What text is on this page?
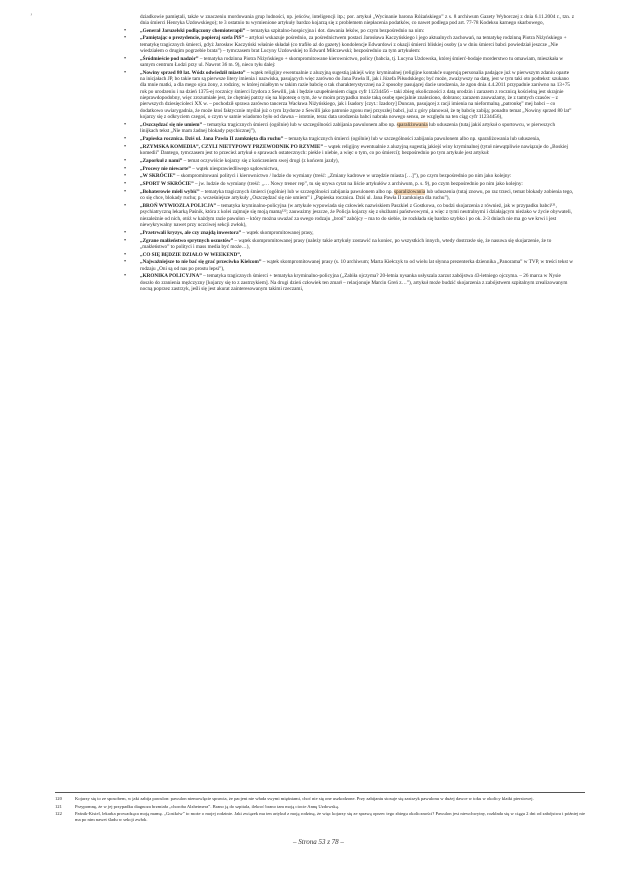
’	dziadkowie pamiętali, także w znaczeniu mordowania grup ludności, np. jeńców, inteligencji itp.; por. artykuł „Wycinanie barona Różańskiego” z s. 8 archiwum Gazety Wyborczej z dnia 6.11.2004 r., tzn. z dnia śmierci Henryka Uzdowskiego); te 3 ostatnio tu wymienione artykuły bardzo kojarzą się z problemem niepłacenia podatków, co nawet podlega pod art. 77-78 Kodeksu karnego skarbowego,

•	„Generał Jaruzelski podłączony chemioterapii” – tematyka szpitalno-hospicyjna i dot. dawania leków, po czym bezpośrednio na nim:
•	„Pamiętając o prezydencie, popieraj szefa PiS” – artykuł wskazuje pośrednio, za pośrednictwem postaci Jarosława Kaczyńskiego i jego aktualnych zachowań, na tematykę rodzinną Piotra Niżyńskiego + tematykę tragicznych śmierci, gdyż Jarosław Kaczyński właśnie składał (co trafiło aż do gazety) kondolencje Edwardowi z okazji śmierci bliskiej osoby (a w dniu śmierci babci powiedział jeszcze „Nie wiedziałem o drugim pogrzebie brata”) – tymczasem brat Lucyny Uzdowskiej to Edward Miłczewski; bezpośrednio za tym artykułem:
•	„Śródmieście pod nadzór” – tematyka rodzinna Piotra Niżyńskiego + skompromitowane kierownictwo, policy (babcia, tj. Lucyna Uzdowska, której śmierć-bodaje morderstwo tu omawiam, mieszkała w samym centrum Łodzi przy ul. Nawrot 36 m. 9), nieco tyłu dalej:
•	„Nowiny sprzed 80 lat. Wódz odwiedził miasto” – wątek religijny ewentualnie z aluzyjną sugestią jakiejś winy kryminalnej (religijne kontakće sugerują personalia padające już w pierwszym zdaniu oparte na inicjałach JP, bo takie tam są pierwsze litery imienia i nazwiska, pasujących więc zarówno do Jana Pawła II, jak i Józefa Piłsudskiego; być może, zważywszy na datę, jest w tym taki oto podtekst: szukano dla mnie matki, a dla mego ojca żony, z rodziny, w której miałbym w takim razie babcię o tak charakterystycznej na 2 sposoby pasującej dacie urodzenia, że zgon dnia 4.4.2011 przypadnie zarówno na 13+75 rok po urodzeniu i na dzień 1375-ej rocznicy śmierci Izydora z Sewilli, jak i będzie uzupełnieniem ciągu cyfr 11234456 – taki zbieg okoliczności z datą urodzin i zarazem z rocznicą kościelną jest skrajnie nieprawdopodobny, więc zrozumiałe jest, że chętniej patrzy się na hipotezę o tym, że w moim przypadku może taką osobę specjalnie znaleziono, dobrano; zarazem zauważamy, że z tamtych czasów – z pierwszych dziesięcioleci XX w. – pochodził sprawa zarówno tancerza Wacława Niżyńskiego, jak i Isadory [czyt.: Izadory] Duncan, pasującej z racji imienia na nieformalną „patronkę” mej babci – co dodatkowo uwiarygadnia, że może ktoś faktycznie myślał już o tym Izydorze z Sewilli jako patronie zgonu mej przyszłej babci, już z góry planował, że tę babcię zabiją; ponadto temat „Nowiny sprzed 80 lat” kojarzy się z odkryciem czegoś, o czym w samie wiadomo było od dawna – istotnie, teraz data urodzenia babci nabrała nowego sensu, ze względu na ten ciąg cyfr 11234456),
•	„Oszczędzać się nie umiem” – tematyka tragicznych śmierci (ogólnie) lub w szczególności zabijania pawulonem albo np. sparaliżowania lub uduszenia (tutaj jakiś artykuł o sportowcu, w pierwszych linijkach tekst „Nie mam żadnej blokady psychicznej”),
•	„Papieska rocznica. Dziś ul. Jana Pawła II zamknięta dla ruchu” – tematyka tragicznych śmierci (ogólnie) lub w szczególności zabijania pawulonem albo np. sparaliżowania lub uduszenia,
•	„RZYMSKA KOMEDIA”, CZYLI NIETYPOWY PRZEWODNIK PO RZYMIE” – wątek religijny ewentualnie z aluzyjną sugestią jakiejś winy kryminalnej (tytuł niewątpliwie nawiązuje do „Boskiej komedii” Dantego, tymczasem jest to przecież artykuł o sprawach ostatecznych: piekle i niebie, a więc o tym, co po śmierci); bezpośrednio po tym artykule jest artykuł:
•	„Zaporkuł z nami” – temat oczywiście kojarzy się z kończeniem swej drogi (z końcem jazdy),
•	„Procesy nie niewarte” – wątek niesprawiedliwego sądownictwa,
•	„W SKRÓCIE” – skompromitowani polityci i kierownictwo / ludzie do wymiany (treść: „Zmiany kadrowe w urzędzie miasta […]”), po czym bezpośrednio po nim jako kolejny:
•	„SPORT W SKRÓCIE” – jw. ludzie do wymiany (treść: „… Nowy trener rep”, tu się urywa cytat na liście artykułów z archiwum, p. s. 9), po czym bezpośrednio po nim jako kolejny:
•	„Bohaterowie mieli wybić” – tematyka tragicznych śmierci (ogólnie) lub w szczególności zabijania pawulonem albo np. sparaliżowania lub uduszenia (tutaj znowu, po raz trzeci, temat blokady zobienia tego, co się chce, blokady ruchu; p. wcześniejsze artykuły „Oszczędzać się nie umiem” i „Papieska rocznica. Dziś ul. Jana Pawła II zamknięta dla ruchu”),
•	„BROŃ WYWIOZŁA POLICJA” – tematyka kryminalno-policyjna (w artykule wypowiada się człowiek nazwiskiem Paszkiel z Gostkowa, co budzi skojarzenia z również, jak w przypadku babci¹²¹, psychiatryczną lekarką Paśnik, która z kolei zajmuje się moją mamą¹²²; zauważmy jeszcze, że Policja kojarzy się z służbami państwowymi, a więc z tymi neutralnymi i działającym nieżako w życie obywateli, niezależnie od nich, otóż w każdym razie pawulon – który można uważać za swego rodzaju „broń” zabójcy – ma to do siebie, że rozkłada się bardzo szybko i po ok. 2-3 dniach nie ma go we krwi i jest niewykrywalny nawet przy uczciwej sekcji zwłok),
•	„Przetrwali kryzys, ale czy znajdą inwestora” – wątek skompromitowanej prasy,
•	„Zgrane małżeństwo sprytnych oszustów” – wątek skompromitowanej prasy (należy takie artykuły zostawić na koniec, po wszystkich innych, wtedy dostrzeże się, że nasuwa się skojarzenie, że to „małżeństwo” to polityci i mass media być może…),
•	„CO SIĘ BĘDZIE DZIAŁO W WEEKEND”,
•	„Najważniejsze to nie bać się grać przeciwko Kielcom” – wątek skompromitowanej prasy (s. 10 archiwum; Marta Kiełczyk to od wielu lat słynna prezenterka dziennika „Panorama” w TVP, w treści tekst w rodzaju „Oni są od nas po prostu lepsi”),
•	„KRONIKA POLICYJNA” – tematyka tragicznych śmierci + tematyka kryminalno-policyjna („Zabiła ojczyma? 20-letnia nysanka usłyszala zarzut zabójstwa 43-letniego ojczyma. – 26 marca w Nysie doszło do zranienia mężczyzny [kojarzy się to z zastrzykiem]. Na drugi dzień człowiek ten zmarł – relacjonuje Marcin Greń z…”), artykuł może budzić skojarzenia z zabójstwem szpitalnym zrealizowanym nocną poprzez zastrzyk, jeśli się jest akurat zainteresowanym takimi rzeczami,
120	Kojarzy się to ze sposobem, w jaki zabija pawulon: pawulon niemowlęcie sprawia, że pacjent nie włada swymi mięśniami, choć nie się one uszkodzone. Przy zabijaniu stosuje się zastrzyk pawulonu w dużej dawce w toku w okolicy klatki piersiowej.
121	Przypomnę, że w jej przypadku diagnoza brzmiała „choroba Alzheimera”. Brano ją do szpitala, ilekroć brano tam moją ciocie Annę Uzdowską.
122	Paśnik-Kisiel, lekarka prowadząca moją mamę. „Gostków” to może o mojej rodzinie. Jaki związek ma ten artykuł z moją rodziną, że więc kojarzy się ze sprawą oprzec tego zbiegu okoliczności? Pawulon jest niewchwytny, rozkłada się w ciągu 2 dni od zabójstwa i później nie ma po nim nawet śladu w sekcji zwłok.
– Strona 53 z 78 –
